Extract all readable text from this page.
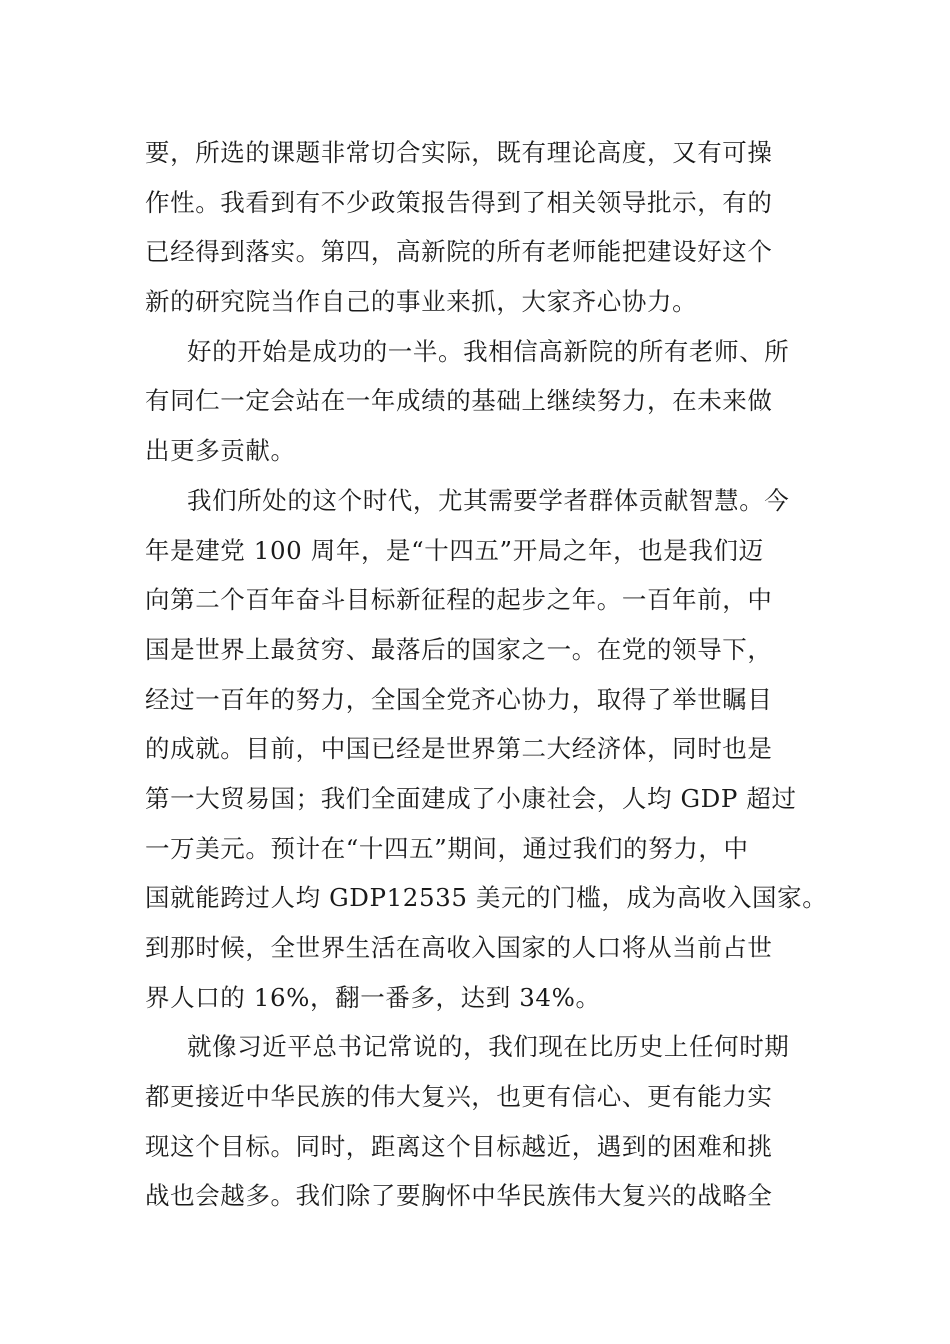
要，所选的课题非常切合实际，既有理论高度，又有可操
作性。我看到有不少政策报告得到了相关领导批示，有的
已经得到落实。第四，高新院的所有老师能把建设好这个
新的研究院当作自己的事业来抓，大家齐心协力。
好的开始是成功的一半。我相信高新院的所有老师、所
有同仁一定会站在一年成绩的基础上继续努力，在未来做
出更多贡献。
我们所处的这个时代，尤其需要学者群体贡献智慧。今
年是建党 100 周年，是“十四五”开局之年，也是我们迈
向第二个百年奋斗目标新征程的起步之年。一百年前，中
国是世界上最贫穷、最落后的国家之一。在党的领导下，
经过一百年的努力，全国全党齐心协力，取得了举世瞩目
的成就。目前，中国已经是世界第二大经济体，同时也是
第一大贸易国；我们全面建成了小康社会，人均 GDP 超过
一万美元。预计在“十四五”期间，通过我们的努力，中
国就能跨过人均 GDP12535 美元的门槛，成为高收入国家。
到那时候，全世界生活在高收入国家的人口将从当前占世
界人口的 16%，翻一番多，达到 34%。
就像习近平总书记常说的，我们现在比历史上任何时期
都更接近中华民族的伟大复兴，也更有信心、更有能力实
现这个目标。同时，距离这个目标越近，遇到的困难和挑
战也会越多。我们除了要胸怀中华民族伟大复兴的战略全
